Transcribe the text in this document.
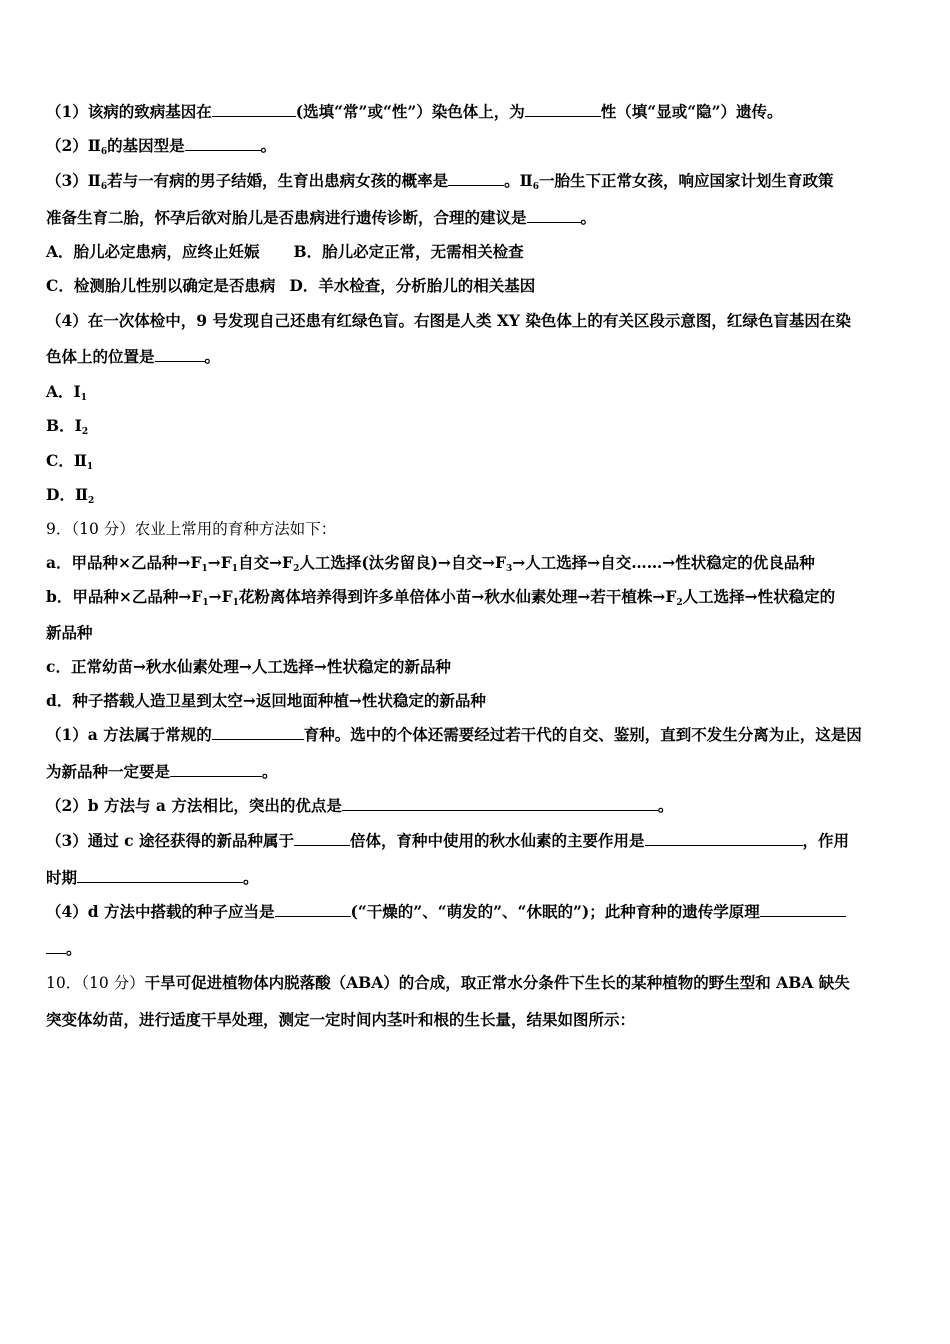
（1）该病的致病基因在	(选填“常”或“性”）染色体上，为	性（填“显或“隐”）遗传。
$(2)Ⅱ_6$的基因型是	。
$(3)Ⅱ_6$若与一有病的男子结婚，生育出患病女孩的概率是	。$Ⅱ_6$一胎生下正常女孩，响应国家计划生育政策
准备生育二胎，怀孕后欲对胎儿是否患病进行遗传诊断，合理的建议是	。
A．胎儿必定患病，应终止妊娠 B．胎儿必定正常，无需相关检查
C．检测胎儿性别以确定是否患病 D．羊水检查，分析胎儿的相关基因
（4）在一次体检中，9 号发现自己还患有红绿色盲。右图是人类 XY 染色体上的有关区段示意图，红绿色盲基因在染
色体上的位置是	。
A．$I_1$
B．$I_2$
C．$Ⅱ_1$
D．$Ⅱ_2$
9．（10 分）农业上常用的育种方法如下：
a．甲品种×乙品种$\to F_1\to F_1$自交$\to F_2$人工选择(汰劣留良)→自交$\to F_3\to$人工选择→自交……→性状稳定的优良品种
b．甲品种×乙品种$\to F_1\to F_1$花粉离体培养得到许多单倍体小苗→秋水仙素处理→若干植株$\to F_2$人工选择→性状稳定的
新品种
c．正常幼苗→秋水仙素处理→人工选择→性状稳定的新品种
d．种子搭载人造卫星到太空→返回地面种植→性状稳定的新品种
（1）a 方法属于常规的	育种。选中的个体还需要经过若干代的自交、鉴别，直到不发生分离为止，这是因
为新品种一定要是	。
（2）b 方法与 a 方法相比，突出的优点是	。
（3）通过 c 途径获得的新品种属于	倍体，育种中使用的秋水仙素的主要作用是	，作用
时期	。
（4）d 方法中搭载的种子应当是	(“干燥的”、“萌发的”、“休眠的”)；此种育种的遗传学原理
。
10．（10 分）干旱可促进植物体内脱落酸（ABA）的合成，取正常水分条件下生长的某种植物的野生型和 ABA 缺失
突变体幼苗，进行适度干旱处理，测定一定时间内茎叶和根的生长量，结果如图所示：
